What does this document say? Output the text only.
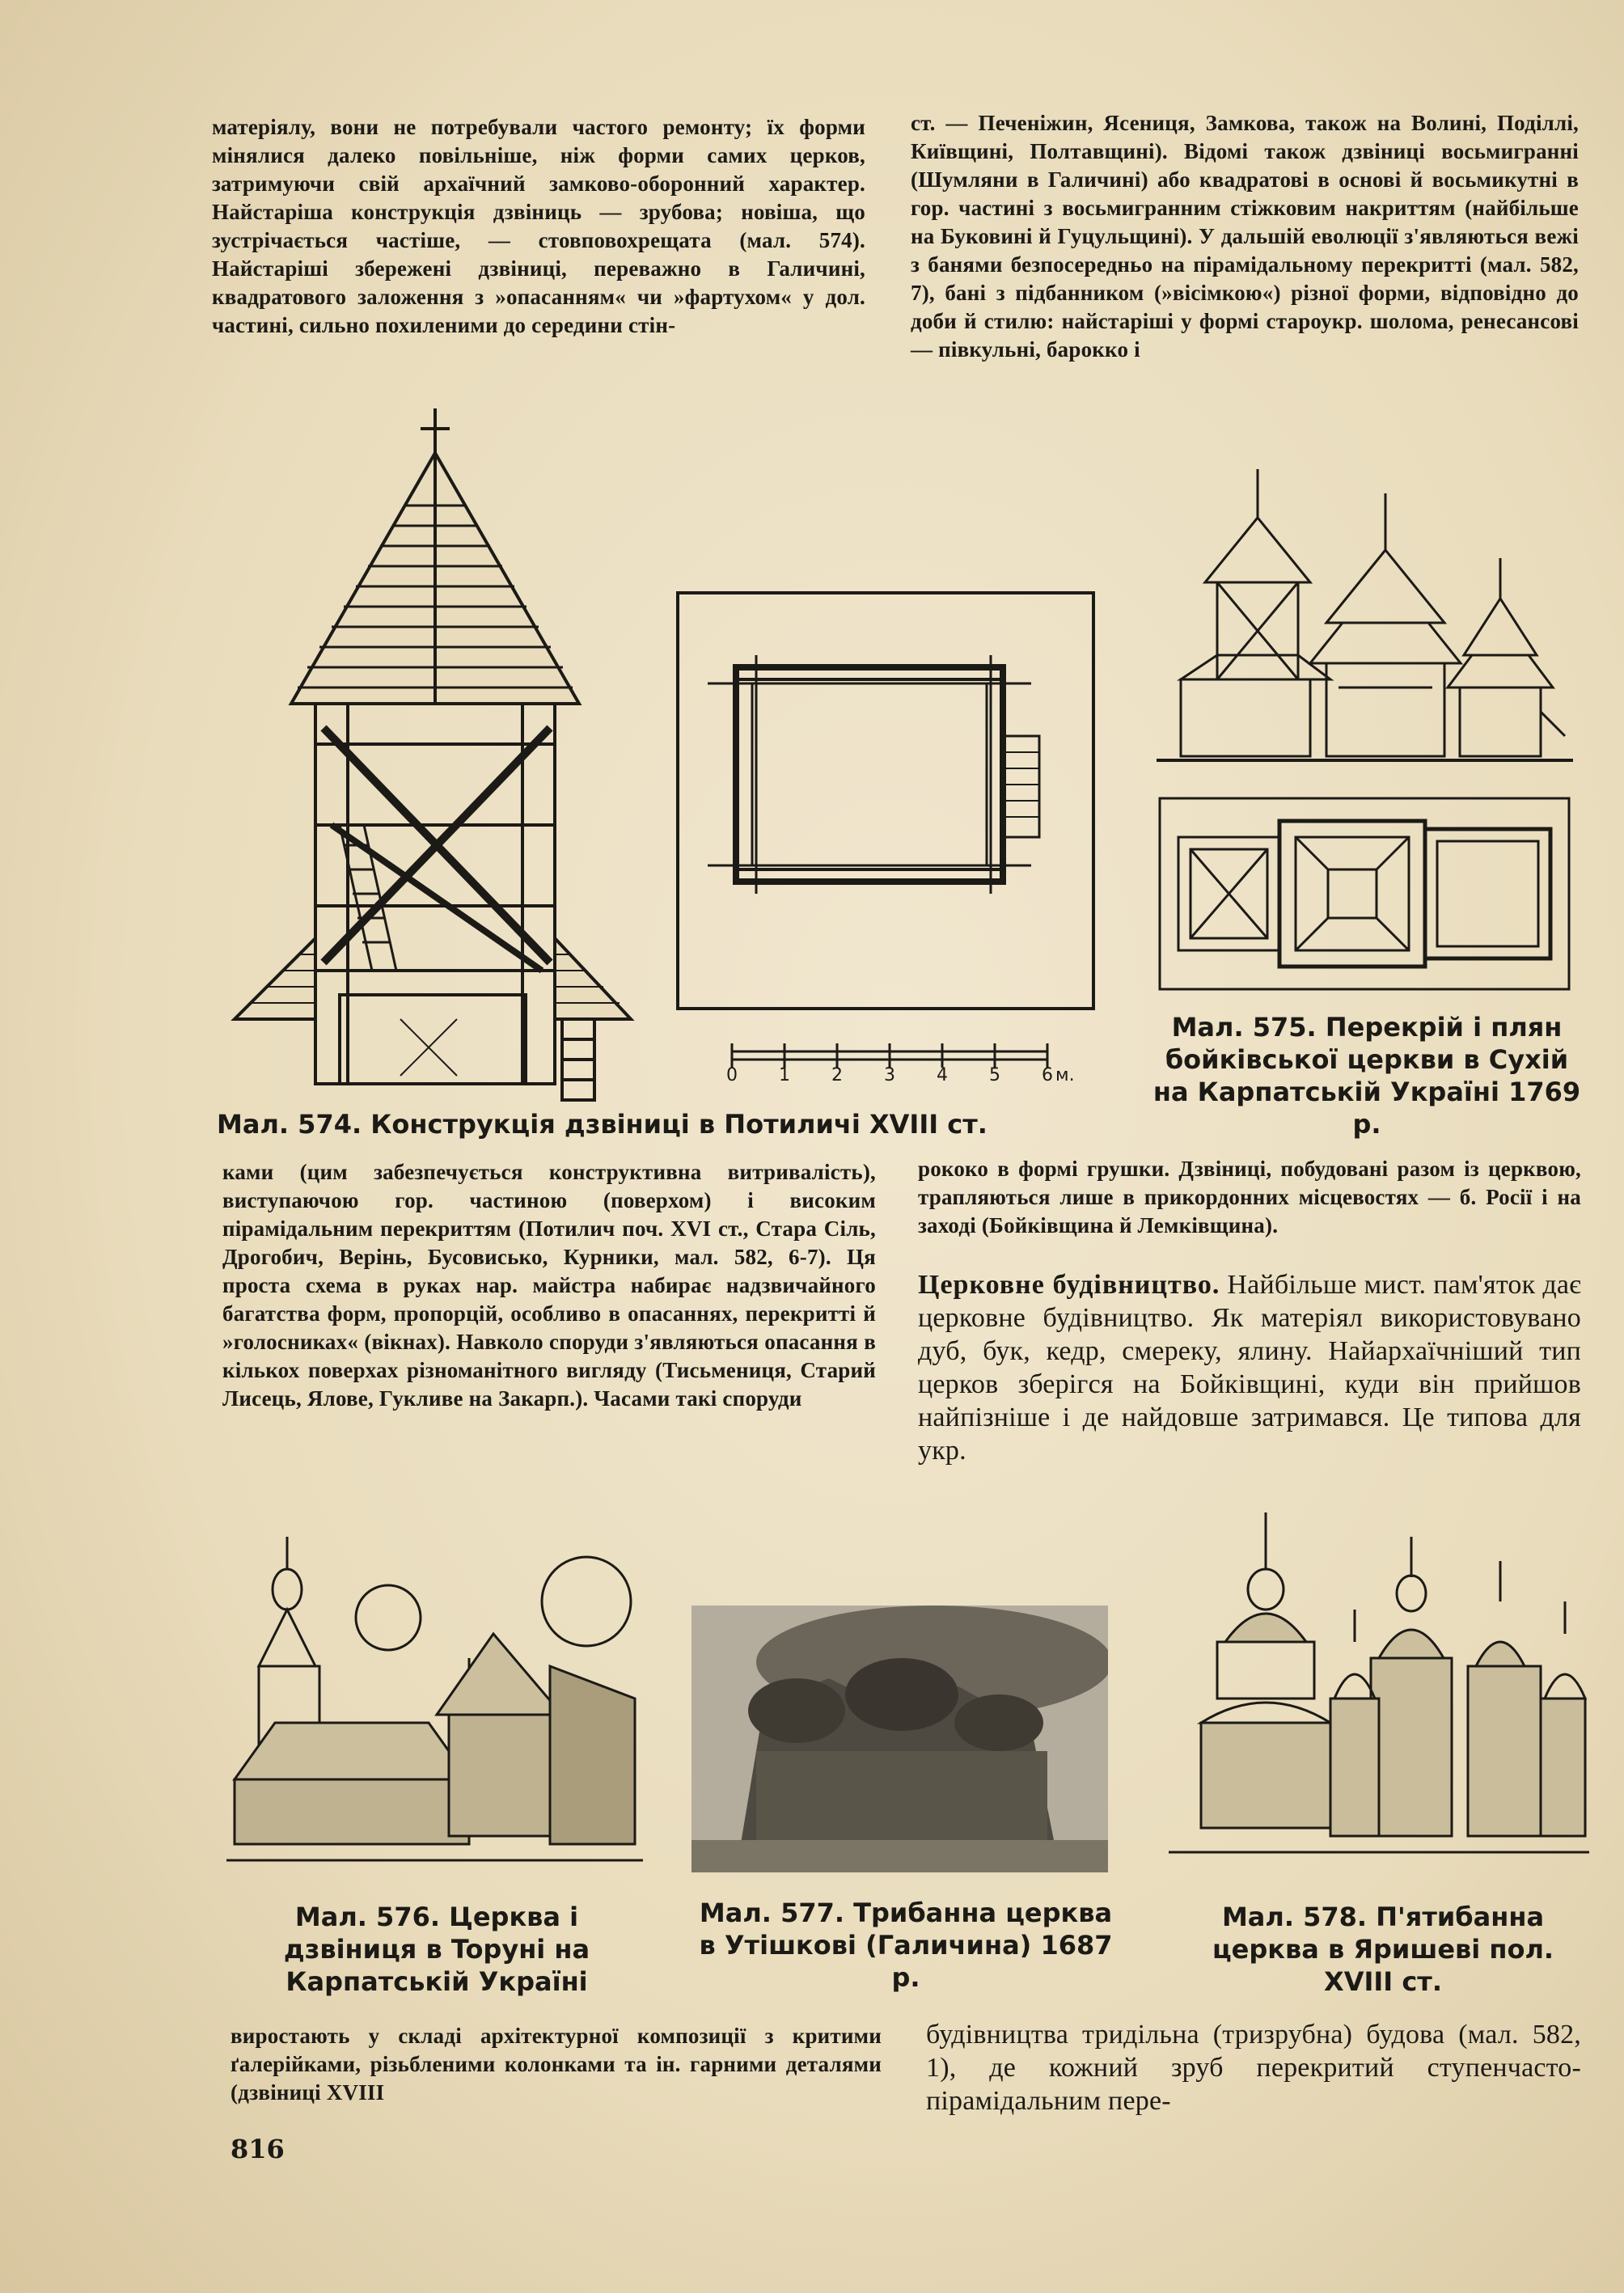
матеріялу, вони не потребували частого ремонту; їх форми мінялися далеко повільніше, ніж форми самих церков, затримуючи свій архаїчний замково-оборонний характер. Найстаріша конструкція дзвіниць — зрубова; новіша, що зустрічається частіше, — стовповохрещата (мал. 574). Найстаріші збережені дзвіниці, переважно в Галичині, квадратового заложення з »опасанням« чи »фартухом« у дол. частині, сильно похиленими до середини стін-

ст. — Печеніжин, Ясениця, Замкова, також на Волині, Поділлі, Київщині, Полтавщині). Відомі також дзвіниці восьмигранні (Шумляни в Галичині) або квадратові в основі й восьмикутні в гор. частині з восьмигранним стіжковим накриттям (найбільше на Буковині й Гуцульщині). У дальшій еволюції з'являються вежі з банями безпосередньо на пірамідальному перекритті (мал. 582, 7), бані з підбанником (»вісімкою«) різної форми, відповідно до доби й стилю: найстаріші у формі староукр. шолома, ренесансові — півкульні, барокко і

0 1 2 3 4 5 6 м.
Мал. 574. Конструкція дзвіниці в Потиличі XVIII ст.
Мал. 575. Перекрій і плян бойківської церкви в Сухій на Карпатській Україні 1769 р.

ками (цим забезпечується конструктивна витривалість), виступаючою гор. частиною (поверхом) і високим пірамідальним перекриттям (Потилич поч. XVI ст., Стара Сіль, Дрогобич, Верінь, Бусовисько, Курники, мал. 582, 6-7). Ця проста схема в руках нар. майстра набирає надзвичайного багатства форм, пропорцій, особливо в опасаннях, перекритті й »голосниках« (вікнах). Навколо споруди з'являються опасання в кількох поверхах різноманітного вигляду (Тисьмениця, Старий Лисець, Ялове, Гукливе на Закарп.). Часами такі споруди

рококо в формі грушки. Дзвіниці, побудовані разом із церквою, трапляються лише в прикордонних місцевостях — б. Росії і на заході (Бойківщина й Лемківщина).

Церковне будівництво. Найбільше мист. пам'яток дає церковне будівництво. Як матеріял використовувано дуб, бук, кедр, смереку, ялину. Найархаїчніший тип церков зберігся на Бойківщині, куди він прийшов найпізніше і де найдовше затримався. Це типова для укр.

Мал. 576. Церква і дзвіниця в Toруні на Карпатській Україні
Мал. 577. Трибанна церква в Утішкові (Галичина) 1687 р.
Мал. 578. П'ятибанна церква в Яришеві пол. XVIII ст.

виростають у складі архітектурної композиції з критими ґалерійками, різьбленими колонками та ін. гарними деталями (дзвіниці XVIII

будівництва тридільна (тризрубна) будова (мал. 582, 1), де кожний зруб перекритий ступенчасто-пірамідальним пере-

816
